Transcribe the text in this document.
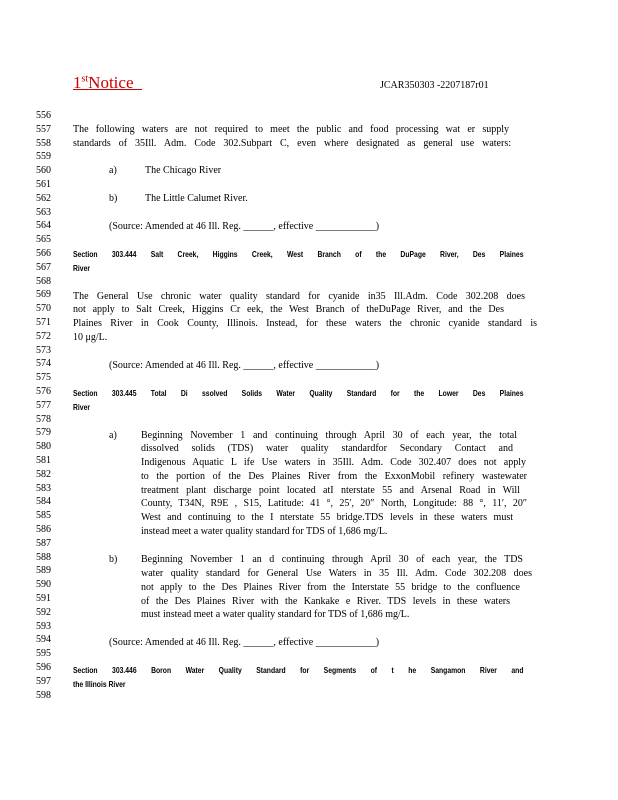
1stNotice	JCAR350303 -2207187r01
556
557
558
559
560
561
562
563
564
565
566
567
568
569
570
571
572
573
574
575
576
577
578
579
580
581
582
583
584
585
586
587
588
589
590
591
592
593
594
595
596
597
598
The following waters are not required to meet the public and food processing wat er supply
standards of 35Ill. Adm. Code 302.Subpart C, even where designated as general use waters:
a)	The Chicago River
b)	The Little Calumet River.
(Source: Amended at 46 Ill. Reg. ______, effective ____________)
Section 303.444 Salt Creek, Higgins Creek, West Branch of the DuPage River, Des Plaines
River
The General Use chronic water quality standard for cyanide in35 Ill.Adm. Code 302.208 does
not apply to Salt Creek, Higgins Cr eek, the West Branch of theDuPage River, and the Des
Plaines River in Cook County, Illinois. Instead, for these waters the chronic cyanide standard is
10 μg/L.
(Source: Amended at 46 Ill. Reg. ______, effective ____________)
Section 303.445 Total Di ssolved Solids Water Quality Standard for the Lower Des Plaines
River
a) Beginning November 1 and continuing through April 30 of each year, the total
dissolved solids (TDS) water quality standardfor Secondary Contact and
Indigenous Aquatic L ife Use waters in 35Ill. Adm. Code 302.407 does not apply
to the portion of the Des Plaines River from the ExxonMobil refinery wastewater
treatment plant discharge point located atI nterstate 55 and Arsenal Road in Will
County, T34N, R9E , S15, Latitude: 41 °, 25′, 20″ North, Longitude: 88 °, 11′, 20″
West and continuing to the I nterstate 55 bridge.TDS levels in these waters must
instead meet a water quality standard for TDS of 1,686 mg/L.
b) Beginning November 1 an d continuing through April 30 of each year, the TDS
water quality standard for General Use Waters in 35 Ill. Adm. Code 302.208 does
not apply to the Des Plaines River from the Interstate 55 bridge to the confluence
of the Des Plaines River with the Kankake e River. TDS levels in these waters
must instead meet a water quality standard for TDS of 1,686 mg/L.
(Source: Amended at 46 Ill. Reg. ______, effective ____________)
Section 303.446 Boron Water Quality Standard for Segments of t he Sangamon River and
the Illinois River
